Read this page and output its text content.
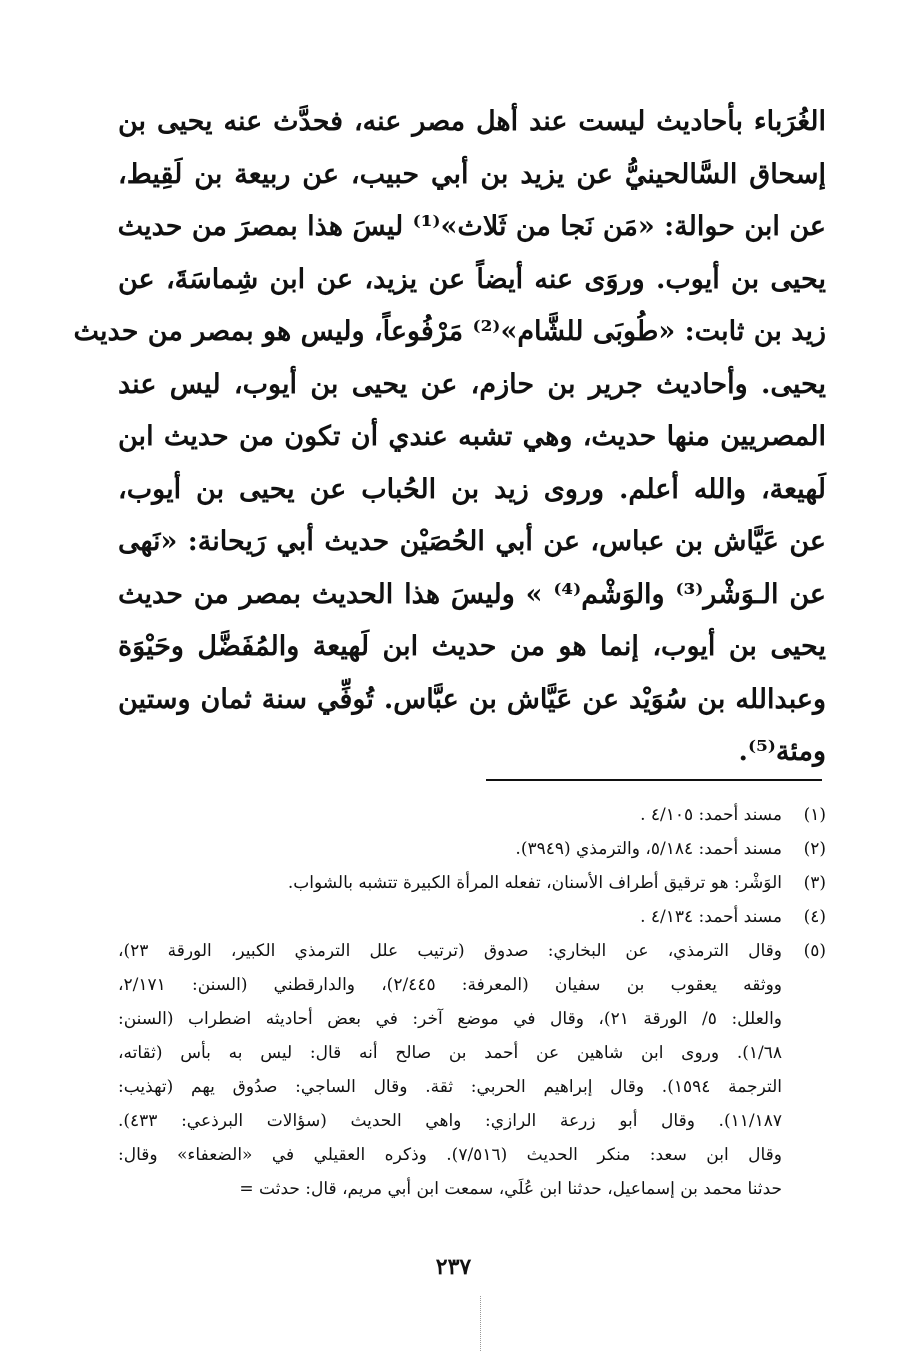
الغُرَباء بأحاديث ليست عند أهل مصر عنه، فحدَّث عنه يحيى بن
إسحاق السَّالحينيُّ عن يزيد بن أبي حبيب، عن ربيعة بن لَقِيط،
عن ابن حوالة: «مَن نَجا من ثَلاث»⁽¹⁾ ليسَ هذا بمصرَ من حديث
يحيى بن أيوب. وروَى عنه أيضاً عن يزيد، عن ابن شِماسَةَ، عن
زيد بن ثابت: «طُوبَى للشَّام»⁽²⁾ مَرْفُوعاً، وليس هو بمصر من حديث
يحيى. وأحاديث جرير بن حازم، عن يحيى بن أيوب، ليس عند
المصريين منها حديث، وهي تشبه عندي أن تكون من حديث ابن
لَهيعة، والله أعلم. وروى زيد بن الحُباب عن يحيى بن أيوب،
عن عَيَّاش بن عباس، عن أبي الحُصَيْن حديث أبي رَيحانة: «نَهى
عن الـوَشْر⁽³⁾ والوَشْم⁽⁴⁾ » وليسَ هذا الحديث بمصر من حديث
يحيى بن أيوب، إنما هو من حديث ابن لَهيعة والمُفَضَّل وحَيْوَة
وعبدالله بن سُوَيْد عن عَيَّاش بن عبَّاس. تُوفِّي سنة ثمان وستين
ومئة⁽⁵⁾.
(١)
مسند أحمد: ٤/١٠٥ .
(٢)
مسند أحمد: ٥/١٨٤، والترمذي (٣٩٤٩).
(٣)
الوَشْر: هو ترقيق أطراف الأسنان، تفعله المرأة الكبيرة تتشبه بالشواب.
(٤)
مسند أحمد: ٤/١٣٤ .
(٥)
وقال الترمذي، عن البخاري: صدوق (ترتيب علل الترمذي الكبير، الورقة ٢٣)،
ووثقه يعقوب بن سفيان (المعرفة: ٢/٤٤٥)، والدارقطني (السنن: ٢/١٧١،
والعلل: ٥/ الورقة ٢١)، وقال في موضع آخر: في بعض أحاديثه اضطراب (السنن:
١/٦٨). وروى ابن شاهين عن أحمد بن صالح أنه قال: ليس به بأس (ثقاته،
الترجمة ١٥٩٤). وقال إبراهيم الحربي: ثقة. وقال الساجي: صدُوق يهم (تهذيب:
١١/١٨٧). وقال أبو زرعة الرازي: واهي الحديث (سؤالات البرذعي: ٤٣٣).
وقال ابن سعد: منكر الحديث (٧/٥١٦). وذكره العقيلي في «الضعفاء» وقال:
حدثنا محمد بن إسماعيل، حدثنا ابن عُلَي، سمعت ابن أبي مريم، قال: حدثت =
٢٣٧
